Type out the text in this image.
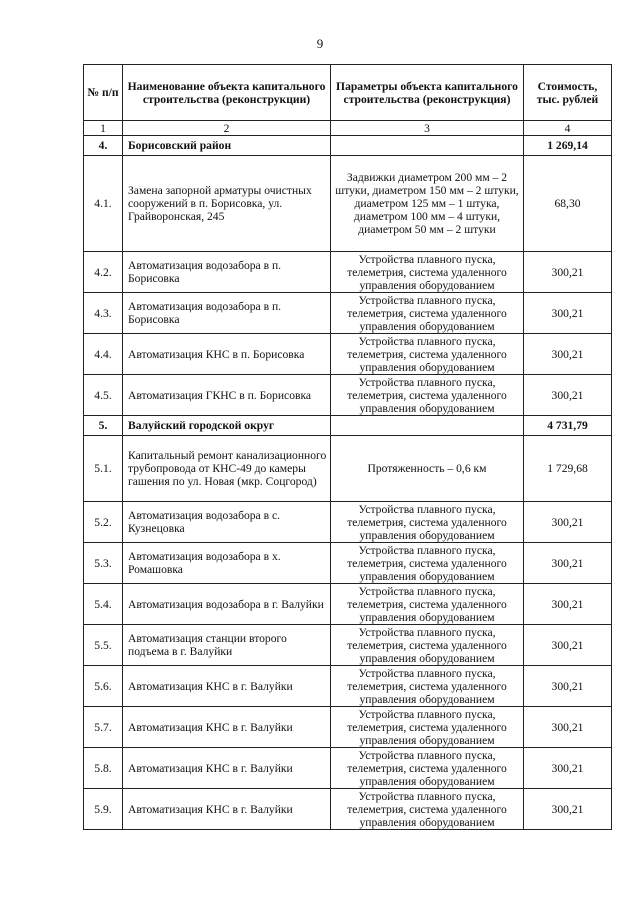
9
№ п/п	Наименование объекта капитального строительства (реконструкции)	Параметры объекта капитального строительства (реконструкция)	Стоимость, тыс. рублей
1	2	3	4
4.	Борисовский район		1 269,14
4.1.	Замена запорной арматуры очистных сооружений в п. Борисовка, ул. Грайворонская, 245	Задвижки диаметром 200 мм – 2 штуки, диаметром 150 мм – 2 штуки, диаметром 125 мм – 1 штука, диаметром 100 мм – 4 штуки, диаметром 50 мм – 2 штуки	68,30
4.2.	Автоматизация водозабора в п. Борисовка	Устройства плавного пуска, телеметрия, система удаленного управления оборудованием	300,21
4.3.	Автоматизация водозабора в п. Борисовка	Устройства плавного пуска, телеметрия, система удаленного управления оборудованием	300,21
4.4.	Автоматизация КНС в п. Борисовка	Устройства плавного пуска, телеметрия, система удаленного управления оборудованием	300,21
4.5.	Автоматизация ГКНС в п. Борисовка	Устройства плавного пуска, телеметрия, система удаленного управления оборудованием	300,21
5.	Валуйский городской округ		4 731,79
5.1.	Капитальный ремонт канализационного трубопровода от КНС-49 до камеры гашения по ул. Новая (мкр. Соцгород)	Протяженность – 0,6 км	1 729,68
5.2.	Автоматизация водозабора в с. Кузнецовка	Устройства плавного пуска, телеметрия, система удаленного управления оборудованием	300,21
5.3.	Автоматизация водозабора в х. Ромашовка	Устройства плавного пуска, телеметрия, система удаленного управления оборудованием	300,21
5.4.	Автоматизация водозабора в г. Валуйки	Устройства плавного пуска, телеметрия, система удаленного управления оборудованием	300,21
5.5.	Автоматизация станции второго подъема в г. Валуйки	Устройства плавного пуска, телеметрия, система удаленного управления оборудованием	300,21
5.6.	Автоматизация КНС в г. Валуйки	Устройства плавного пуска, телеметрия, система удаленного управления оборудованием	300,21
5.7.	Автоматизация КНС в г. Валуйки	Устройства плавного пуска, телеметрия, система удаленного управления оборудованием	300,21
5.8.	Автоматизация КНС в г. Валуйки	Устройства плавного пуска, телеметрия, система удаленного управления оборудованием	300,21
5.9.	Автоматизация КНС в г. Валуйки	Устройства плавного пуска, телеметрия, система удаленного управления оборудованием	300,21
